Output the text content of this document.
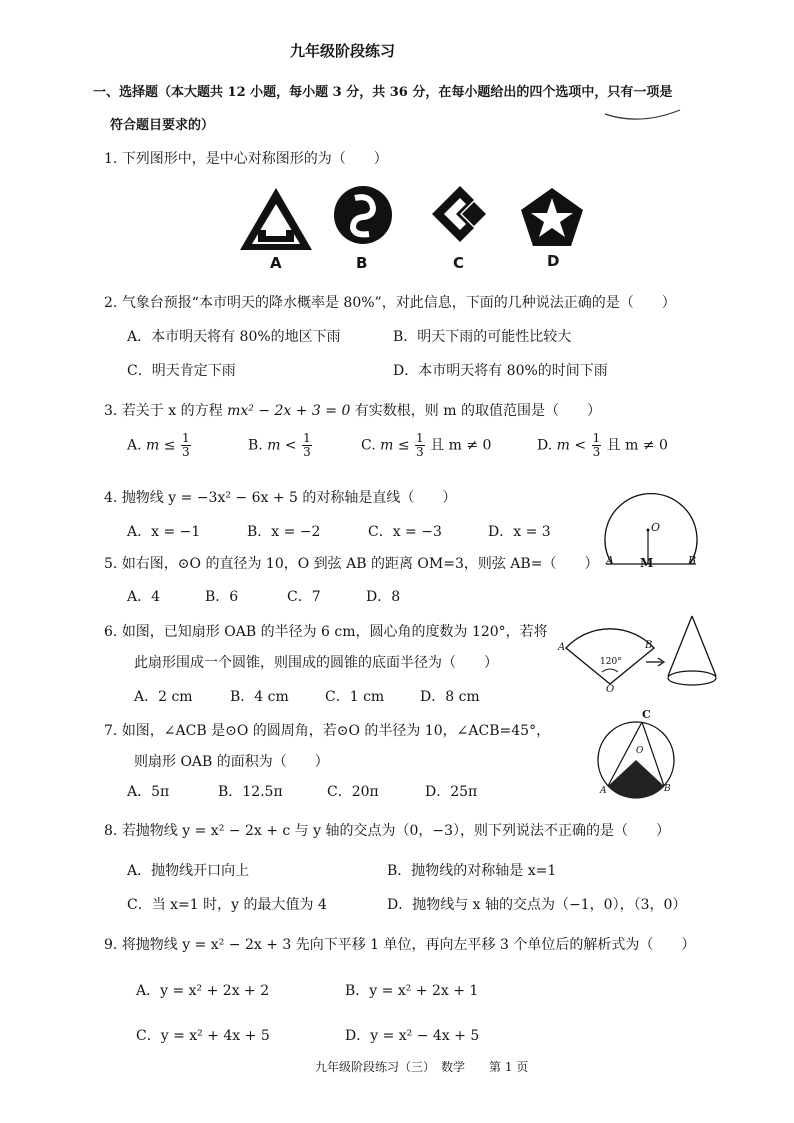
九年级阶段练习
一、选择题（本大题共 12 小题，每小题 3 分，共 36 分，在每小题给出的四个选项中，只有一项是
符合题目要求的）
1. 下列图形中，是中心对称图形的为（　　）
A	B	C	D
2. 气象台预报“本市明天的降水概率是 80%”，对此信息，下面的几种说法正确的是（　　）
A．本市明天将有 80%的地区下雨	B．明天下雨的可能性比较大
C．明天肯定下雨	D．本市明天将有 80%的时间下雨
3. 若关于 x 的方程 mx² − 2x + 3 = 0 有实数根，则 m 的取值范围是（　　）
A. $m \le \frac{1}{3}$	B. $m < \frac{1}{3}$	C. $m \le \frac{1}{3}$ 且 m ≠ 0	D. $m < \frac{1}{3}$ 且 m ≠ 0
4. 抛物线 y = −3x² − 6x + 5 的对称轴是直线（　　）
A．x = −1	B．x = −2	C．x = −3	D．x = 3	O
A M	B
5. 如右图，⊙O 的直径为 10，O 到弦 AB 的距离 OM=3，则弦 AB=（　　）
A．4	B．6	C．7	D．8
6. 如图，已知扇形 OAB 的半径为 6 cm，圆心角的度数为 120°，若将
此扇形围成一个圆锥，则围成的圆锥的底面半径为（　　）
A．2 cm	B．4 cm	C．1 cm	D．8 cm
A	B
O
120°
7. 如图，∠ACB 是⊙O 的圆周角，若⊙O 的半径为 10，∠ACB=45°，
则扇形 OAB 的面积为（　　）
A．5π	B．12.5π	C．20π	D．25π
C
O
A	B
8. 若抛物线 y = x² − 2x + c 与 y 轴的交点为（0，−3），则下列说法不正确的是（　　）
A．抛物线开口向上	B．抛物线的对称轴是 x=1
C．当 x=1 时，y 的最大值为 4	D．抛物线与 x 轴的交点为（−1，0），（3，0）
9. 将抛物线 y = x² − 2x + 3 先向下平移 1 单位，再向左平移 3 个单位后的解析式为（　　）
A．y = x² + 2x + 2	B．y = x² + 2x + 1
C．y = x² + 4x + 5	D．y = x² − 4x + 5
九年级阶段练习（三）　数学　　第 1 页
